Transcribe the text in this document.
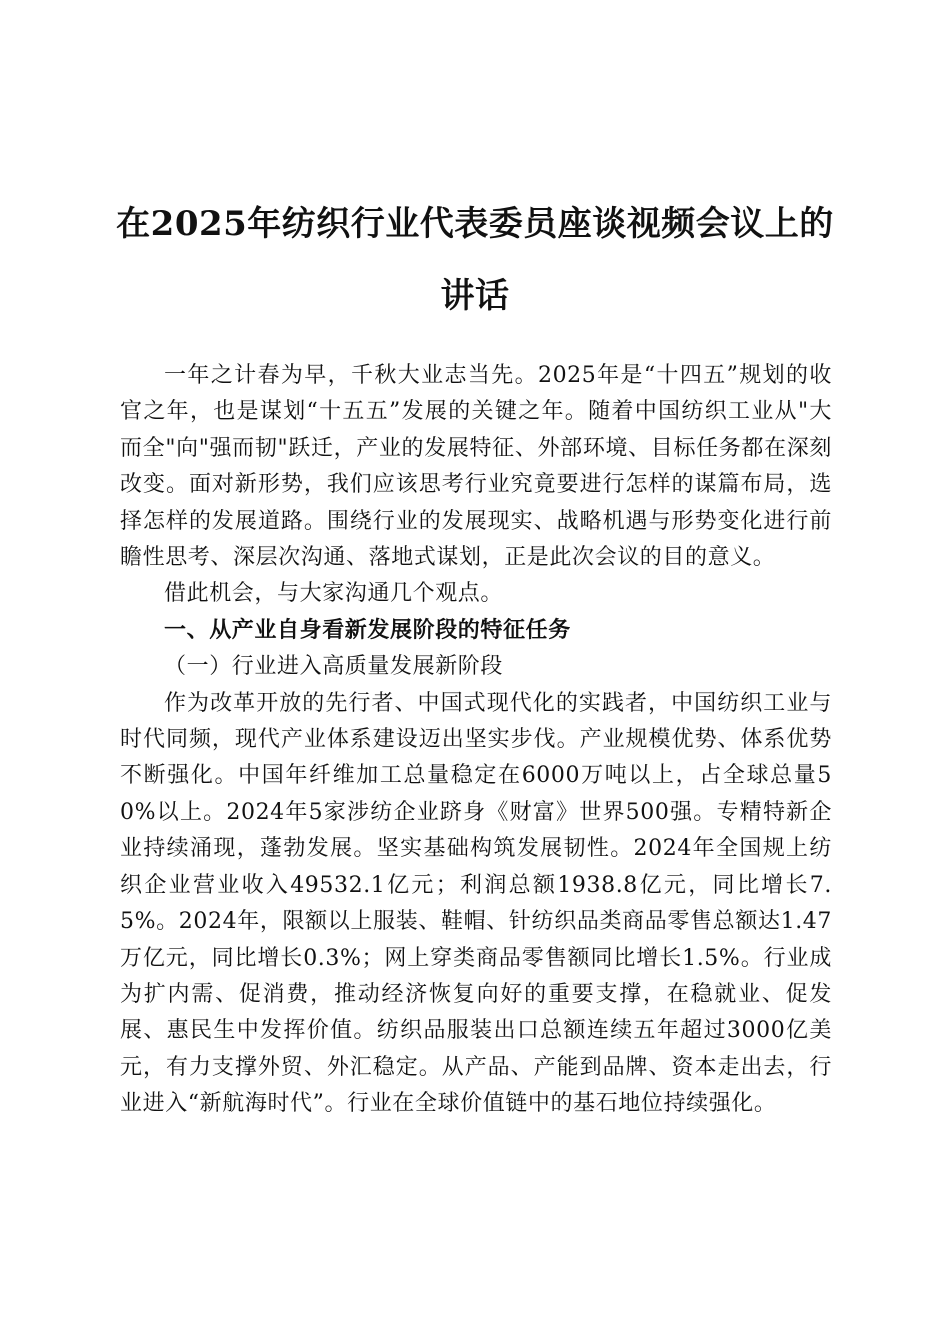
在2025年纺织行业代表委员座谈视频会议上的讲话

一年之计春为早，千秋大业志当先。2025年是“十四五”规划的收官之年，也是谋划“十五五”发展的关键之年。随着中国纺织工业从"大而全"向"强而韧"跃迁，产业的发展特征、外部环境、目标任务都在深刻改变。面对新形势，我们应该思考行业究竟要进行怎样的谋篇布局，选择怎样的发展道路。围绕行业的发展现实、战略机遇与形势变化进行前瞻性思考、深层次沟通、落地式谋划，正是此次会议的目的意义。

借此机会，与大家沟通几个观点。

一、从产业自身看新发展阶段的特征任务

（一）行业进入高质量发展新阶段

作为改革开放的先行者、中国式现代化的实践者，中国纺织工业与时代同频，现代产业体系建设迈出坚实步伐。产业规模优势、体系优势不断强化。中国年纤维加工总量稳定在6000万吨以上，占全球总量50%以上。2024年5家涉纺企业跻身《财富》世界500强。专精特新企业持续涌现，蓬勃发展。坚实基础构筑发展韧性。2024年全国规上纺织企业营业收入49532.1亿元；利润总额1938.8亿元，同比增长7.5%。2024年，限额以上服装、鞋帽、针纺织品类商品零售总额达1.47万亿元，同比增长0.3%；网上穿类商品零售额同比增长1.5%。行业成为扩内需、促消费，推动经济恢复向好的重要支撑，在稳就业、促发展、惠民生中发挥价值。纺织品服装出口总额连续五年超过3000亿美元，有力支撑外贸、外汇稳定。从产品、产能到品牌、资本走出去，行业进入“新航海时代”。行业在全球价值链中的基石地位持续强化。
